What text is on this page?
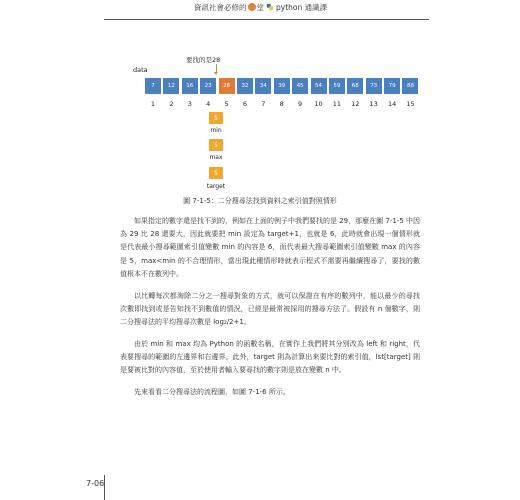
資訊社會必修的 堂 python 通識課
要找的是28
data
7	12	16	23	28	32	34	39	45	54	59	68	73	79	88
1	2	3	4	5	6	7	8	9	10	11	12	13	14	15
5
min
5
max
5
target
圖 7-1-5：二分搜尋法找到資料之索引值對照情形
如果指定的數字還是找不到的，例如在上面的例子中我們要找的是 29，那麼在圖 7-1-5 中因為 29 比 28 還要大，因此就要把 min 設定為 target+1，也就是 6，此時就會出現一個情形就是代表最小搜尋範圍索引值變數 min 的內容是 6，而代表最大搜尋範圍索引值變數 max 的內容是 5，max<min 的不合理情形，當出現此種情形時就表示程式不需要再繼續搜尋了，要找的數值根本不在數列中。
以比轉每次都淘除二分之一搜尋對象的方式，就可以保證在有序的數列中，能以最少的尋找次數即找到或是告知找不到數值的情況，已經是最常被採用的搜尋方法了。假設有 n 個數字，則二分搜尋法的平均搜尋次數是 log₂/2+1。
由於 min 和 max 均為 Python 的函數名稱，在實作上我們將其分別改為 left 和 right，代表要搜尋的範圍的左邊界和右邊界。此外，target 則為計算出來要比對的索引值，lst[target] 則是要被比對的內容值，至於使用者輸入要尋找的數字則是放在變數 n 中。
先來看看二分搜尋法的流程圖，如圖 7-1-6 所示。
7-06
